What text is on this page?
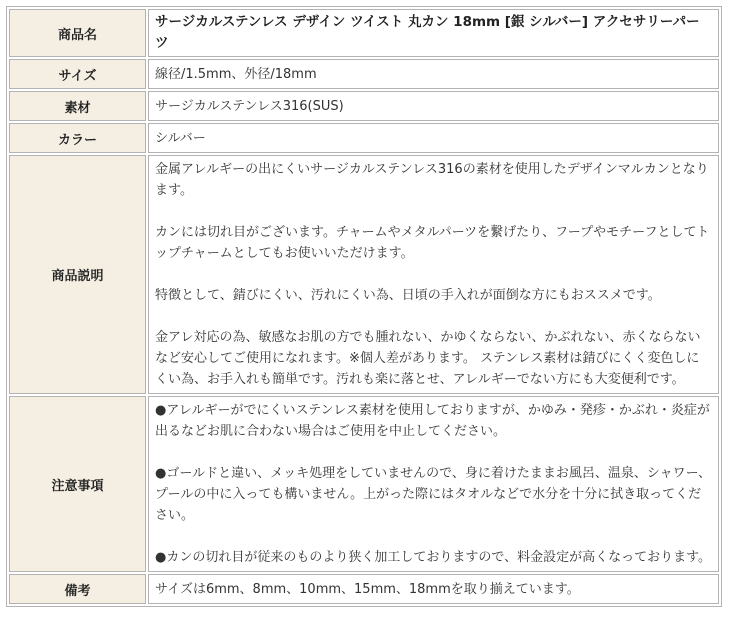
商品名	サージカルステンレス デザイン ツイスト 丸カン 18mm [銀 シルバー] アクセサリーパーツ
サイズ	線径/1.5mm、外径/18mm
素材	サージカルステンレス316(SUS)
カラー	シルバー
商品説明	金属アレルギーの出にくいサージカルステンレス316の素材を使用したデザインマルカンとなります。

カンには切れ目がございます。チャームやメタルパーツを繋げたり、フープやモチーフとしてトップチャームとしてもお使いいただけます。

特徴として、錆びにくい、汚れにくい為、日頃の手入れが面倒な方にもおススメです。

金アレ対応の為、敏感なお肌の方でも腫れない、かゆくならない、かぶれない、赤くならないなど安心してご使用になれます。※個人差があります。 ステンレス素材は錆びにくく変色しにくい為、お手入れも簡単です。汚れも楽に落とせ、アレルギーでない方にも大変便利です。

注意事項	●アレルギーがでにくいステンレス素材を使用しておりますが、かゆみ・発疹・かぶれ・炎症が出るなどお肌に合わない場合はご使用を中止してください。

●ゴールドと違い、メッキ処理をしていませんので、身に着けたままお風呂、温泉、シャワー、プールの中に入っても構いません。上がった際にはタオルなどで水分を十分に拭き取ってください。

●カンの切れ目が従来のものより狭く加工しておりますので、料金設定が高くなっております。

備考	サイズは6mm、8mm、10mm、15mm、18mmを取り揃えています。
